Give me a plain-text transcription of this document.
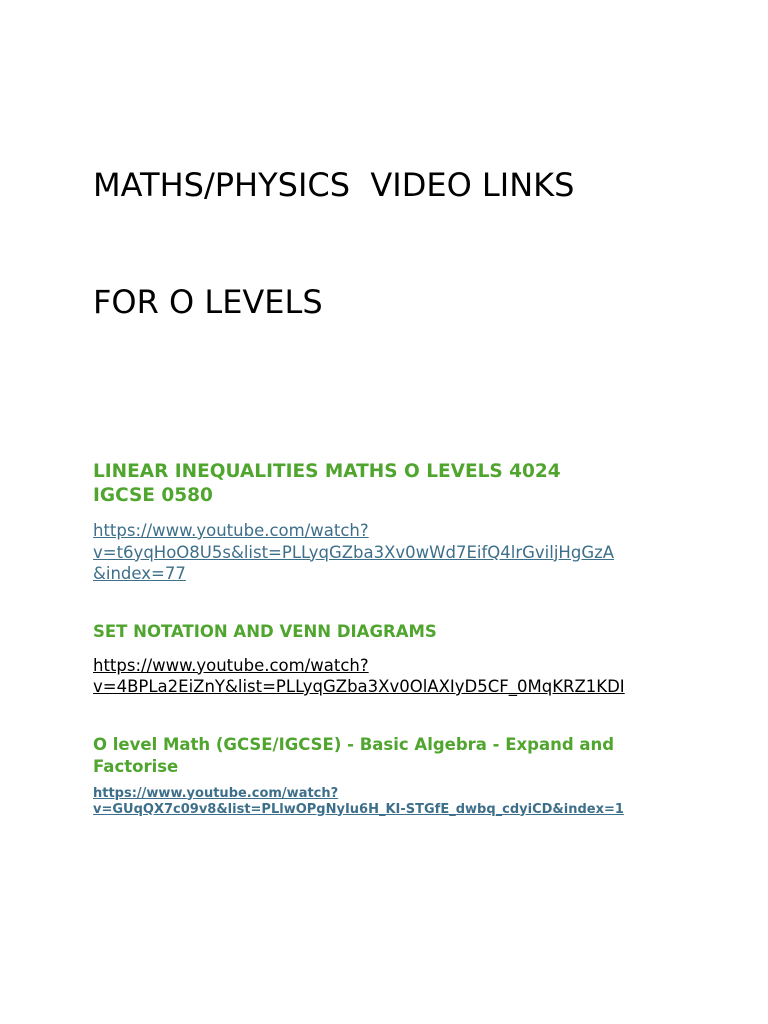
MATHS/PHYSICS  VIDEO LINKS

FOR O LEVELS

LINEAR INEQUALITIES MATHS O LEVELS 4024
IGCSE 0580
https://www.youtube.com/watch?
v=t6yqHoO8U5s&list=PLLyqGZba3Xv0wWd7EifQ4lrGviljHgGzA
&index=77
SET NOTATION AND VENN DIAGRAMS
https://www.youtube.com/watch?
v=4BPLa2EiZnY&list=PLLyqGZba3Xv0OlAXIyD5CF_0MqKRZ1KDI
O level Math (GCSE/IGCSE) - Basic Algebra - Expand and
Factorise
https://www.youtube.com/watch?
v=GUqQX7c09v8&list=PLlwOPgNyIu6H_KI-STGfE_dwbq_cdyiCD&index=1
